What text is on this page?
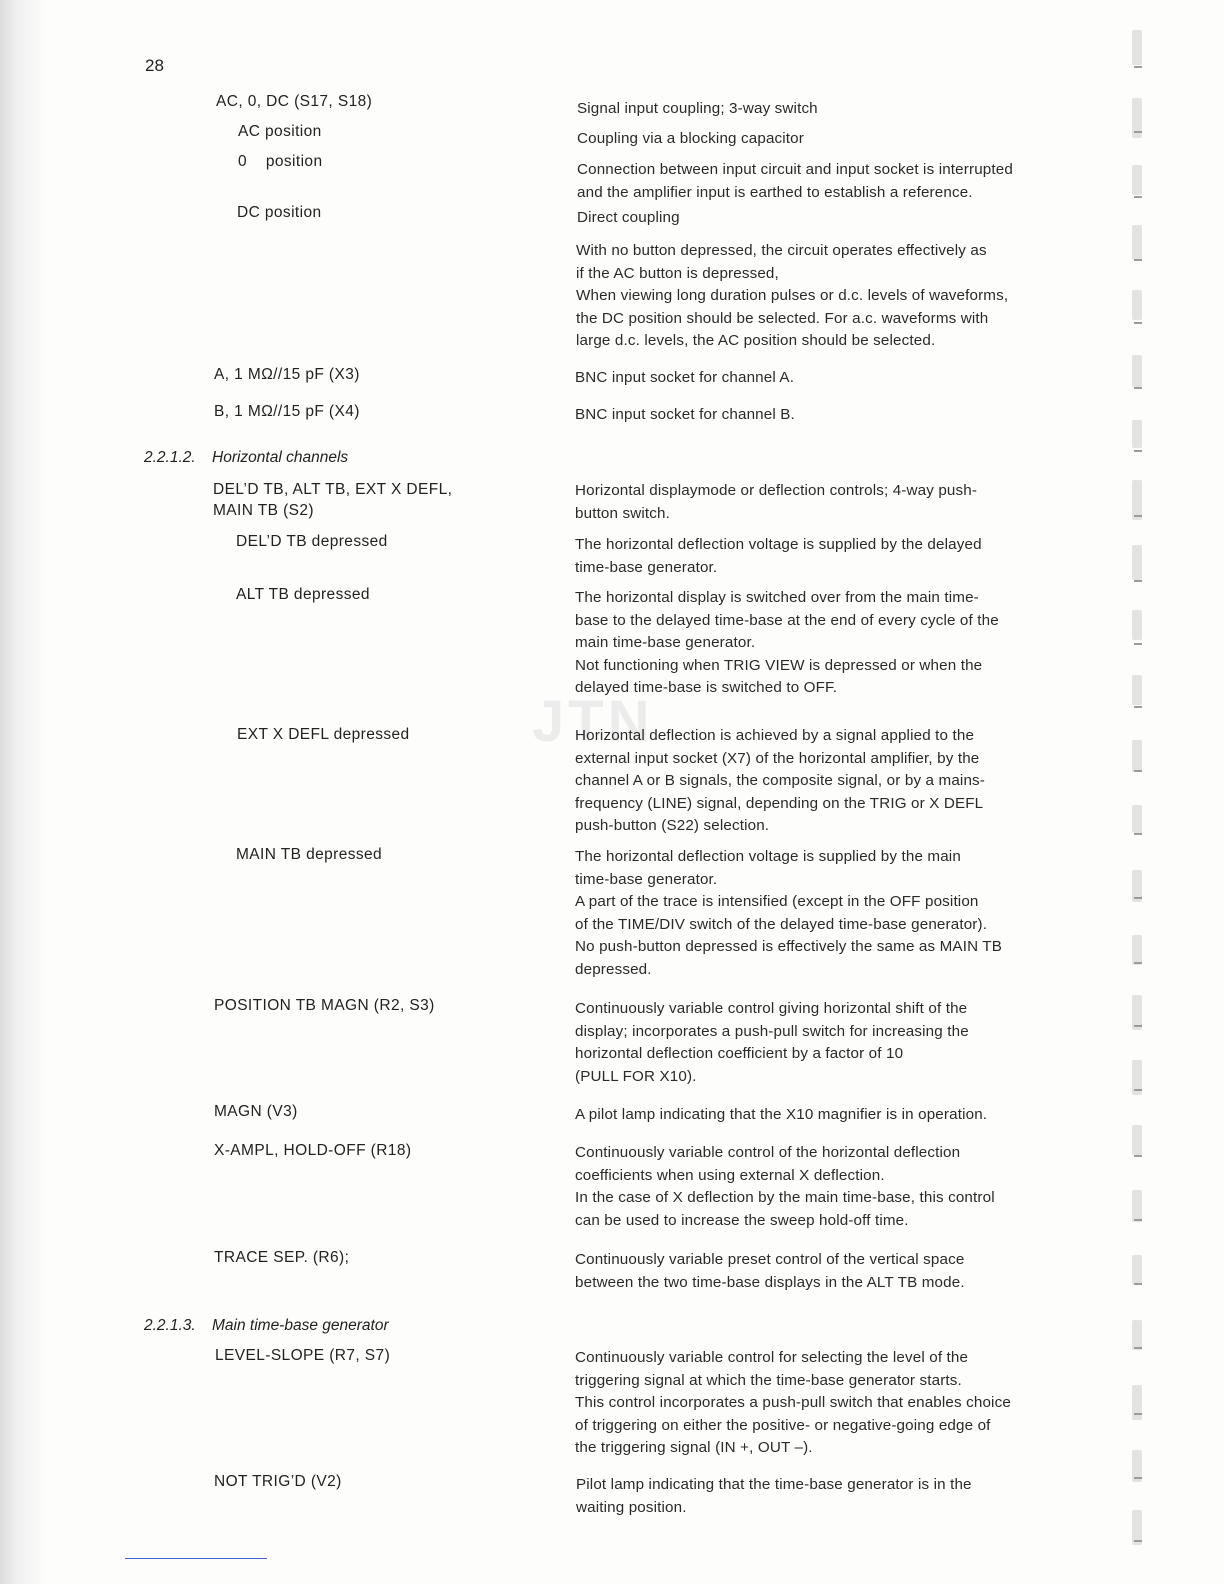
28
JTN
2.2.1.2. Horizontal channels
2.2.1.3. Main time-base generator
AC, 0, DC (S17, S18)
AC position
0    position
DC position
A, 1 MΩ//15 pF (X3)
B, 1 MΩ//15 pF (X4)
DEL’D TB, ALT TB, EXT X DEFL,
MAIN TB (S2)
DEL’D TB depressed
ALT TB depressed
EXT X DEFL depressed
MAIN TB depressed
POSITION TB MAGN (R2, S3)
MAGN (V3)
X-AMPL, HOLD-OFF (R18)
TRACE SEP. (R6);
LEVEL-SLOPE (R7, S7)
NOT TRIG’D (V2)
Signal input coupling; 3-way switch
Coupling via a blocking capacitor
Connection between input circuit and input socket is interrupted
and the amplifier input is earthed to establish a reference.
Direct coupling
With no button depressed, the circuit operates effectively as
if the AC button is depressed,
When viewing long duration pulses or d.c. levels of waveforms,
the DC position should be selected. For a.c. waveforms with
large d.c. levels, the AC position should be selected.
BNC input socket for channel A.
BNC input socket for channel B.
Horizontal displaymode or deflection controls; 4-way push-
button switch.
The horizontal deflection voltage is supplied by the delayed
time-base generator.
The horizontal display is switched over from the main time-
base to the delayed time-base at the end of every cycle of the
main time-base generator.
Not functioning when TRIG VIEW is depressed or when the
delayed time-base is switched to OFF.
Horizontal deflection is achieved by a signal applied to the
external input socket (X7) of the horizontal amplifier, by the
channel A or B signals, the composite signal, or by a mains-
frequency (LINE) signal, depending on the TRIG or X DEFL
push-button (S22) selection.
The horizontal deflection voltage is supplied by the main
time-base generator.
A part of the trace is intensified (except in the OFF position
of the TIME/DIV switch of the delayed time-base generator).
No push-button depressed is effectively the same as MAIN TB
depressed.
Continuously variable control giving horizontal shift of the
display; incorporates a push-pull switch for increasing the
horizontal deflection coefficient by a factor of 10
(PULL FOR X10).
A pilot lamp indicating that the X10 magnifier is in operation.
Continuously variable control of the horizontal deflection
coefficients when using external X deflection.
In the case of X deflection by the main time-base, this control
can be used to increase the sweep hold-off time.
Continuously variable preset control of the vertical space
between the two time-base displays in the ALT TB mode.
Continuously variable control for selecting the level of the
triggering signal at which the time-base generator starts.
This control incorporates a push-pull switch that enables choice
of triggering on either the positive- or negative-going edge of
the triggering signal (IN +, OUT –).
Pilot lamp indicating that the time-base generator is in the
waiting position.
